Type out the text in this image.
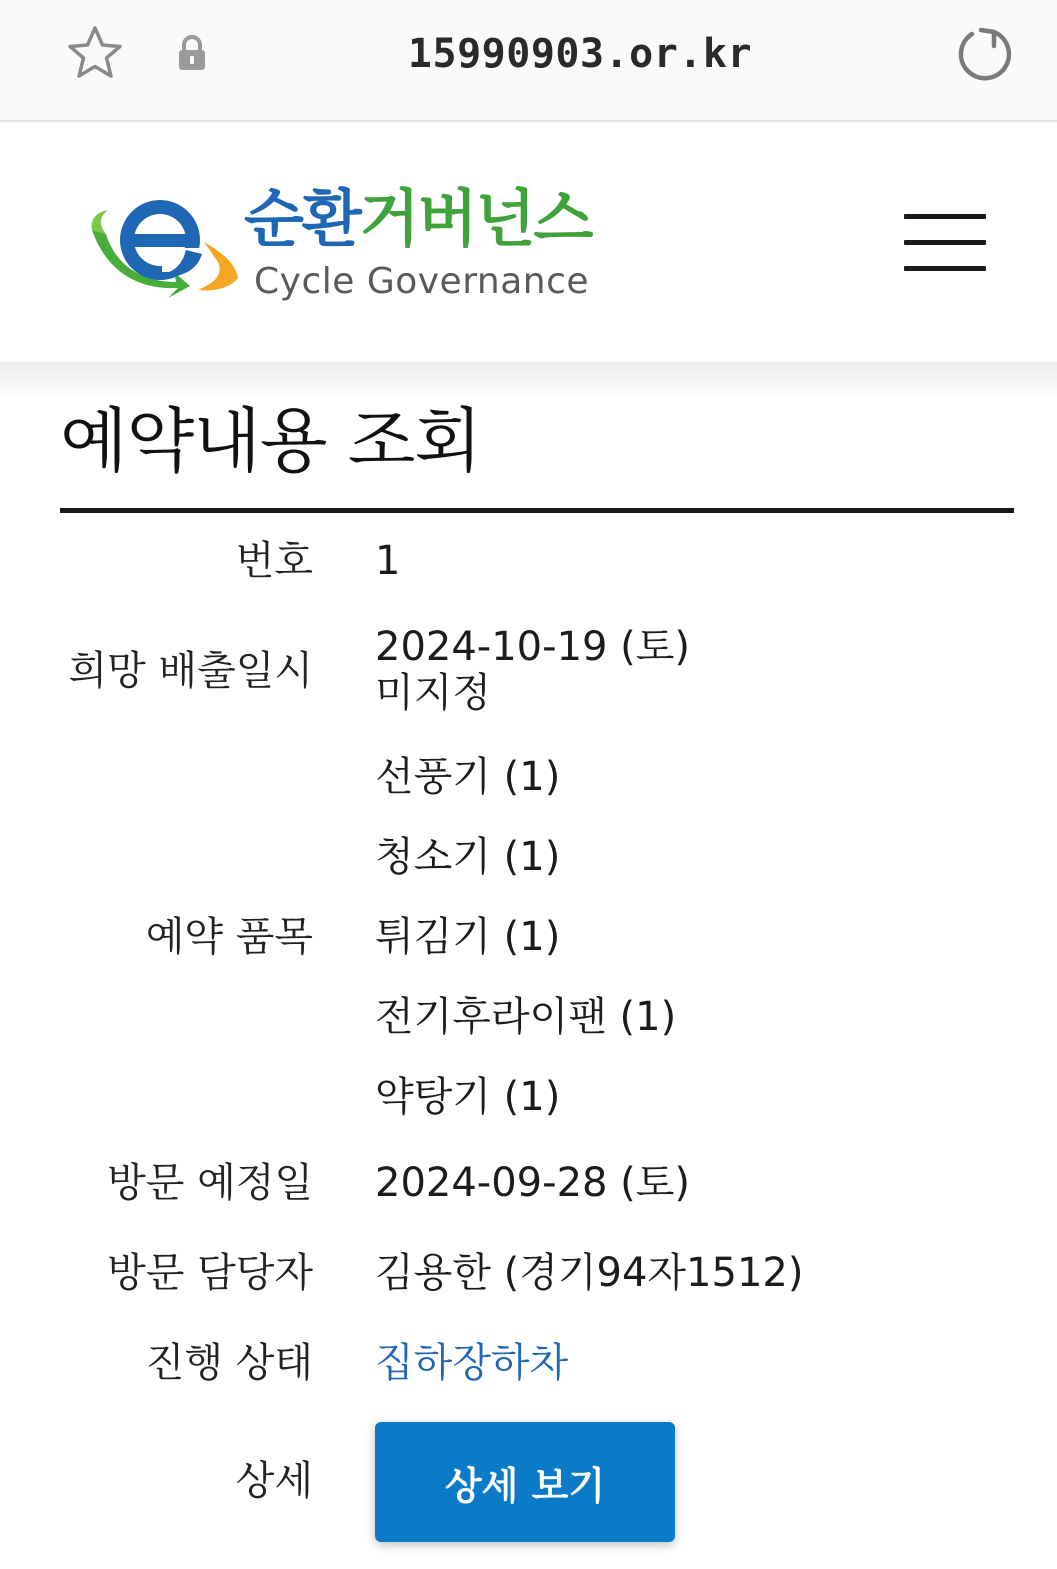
15990903.or.kr
순환거버넌스
Cycle Governance
예약내용 조회
번호 1
희망 배출일시
2024-10-19 (토)
미지정
예약 품목
선풍기 (1)
청소기 (1)
튀김기 (1)
전기후라이팬 (1)
약탕기 (1)
방문 예정일 2024-09-28 (토)
방문 담당자 김용한 (경기94자1512)
진행 상태 집하장하차
상세	상세 보기
